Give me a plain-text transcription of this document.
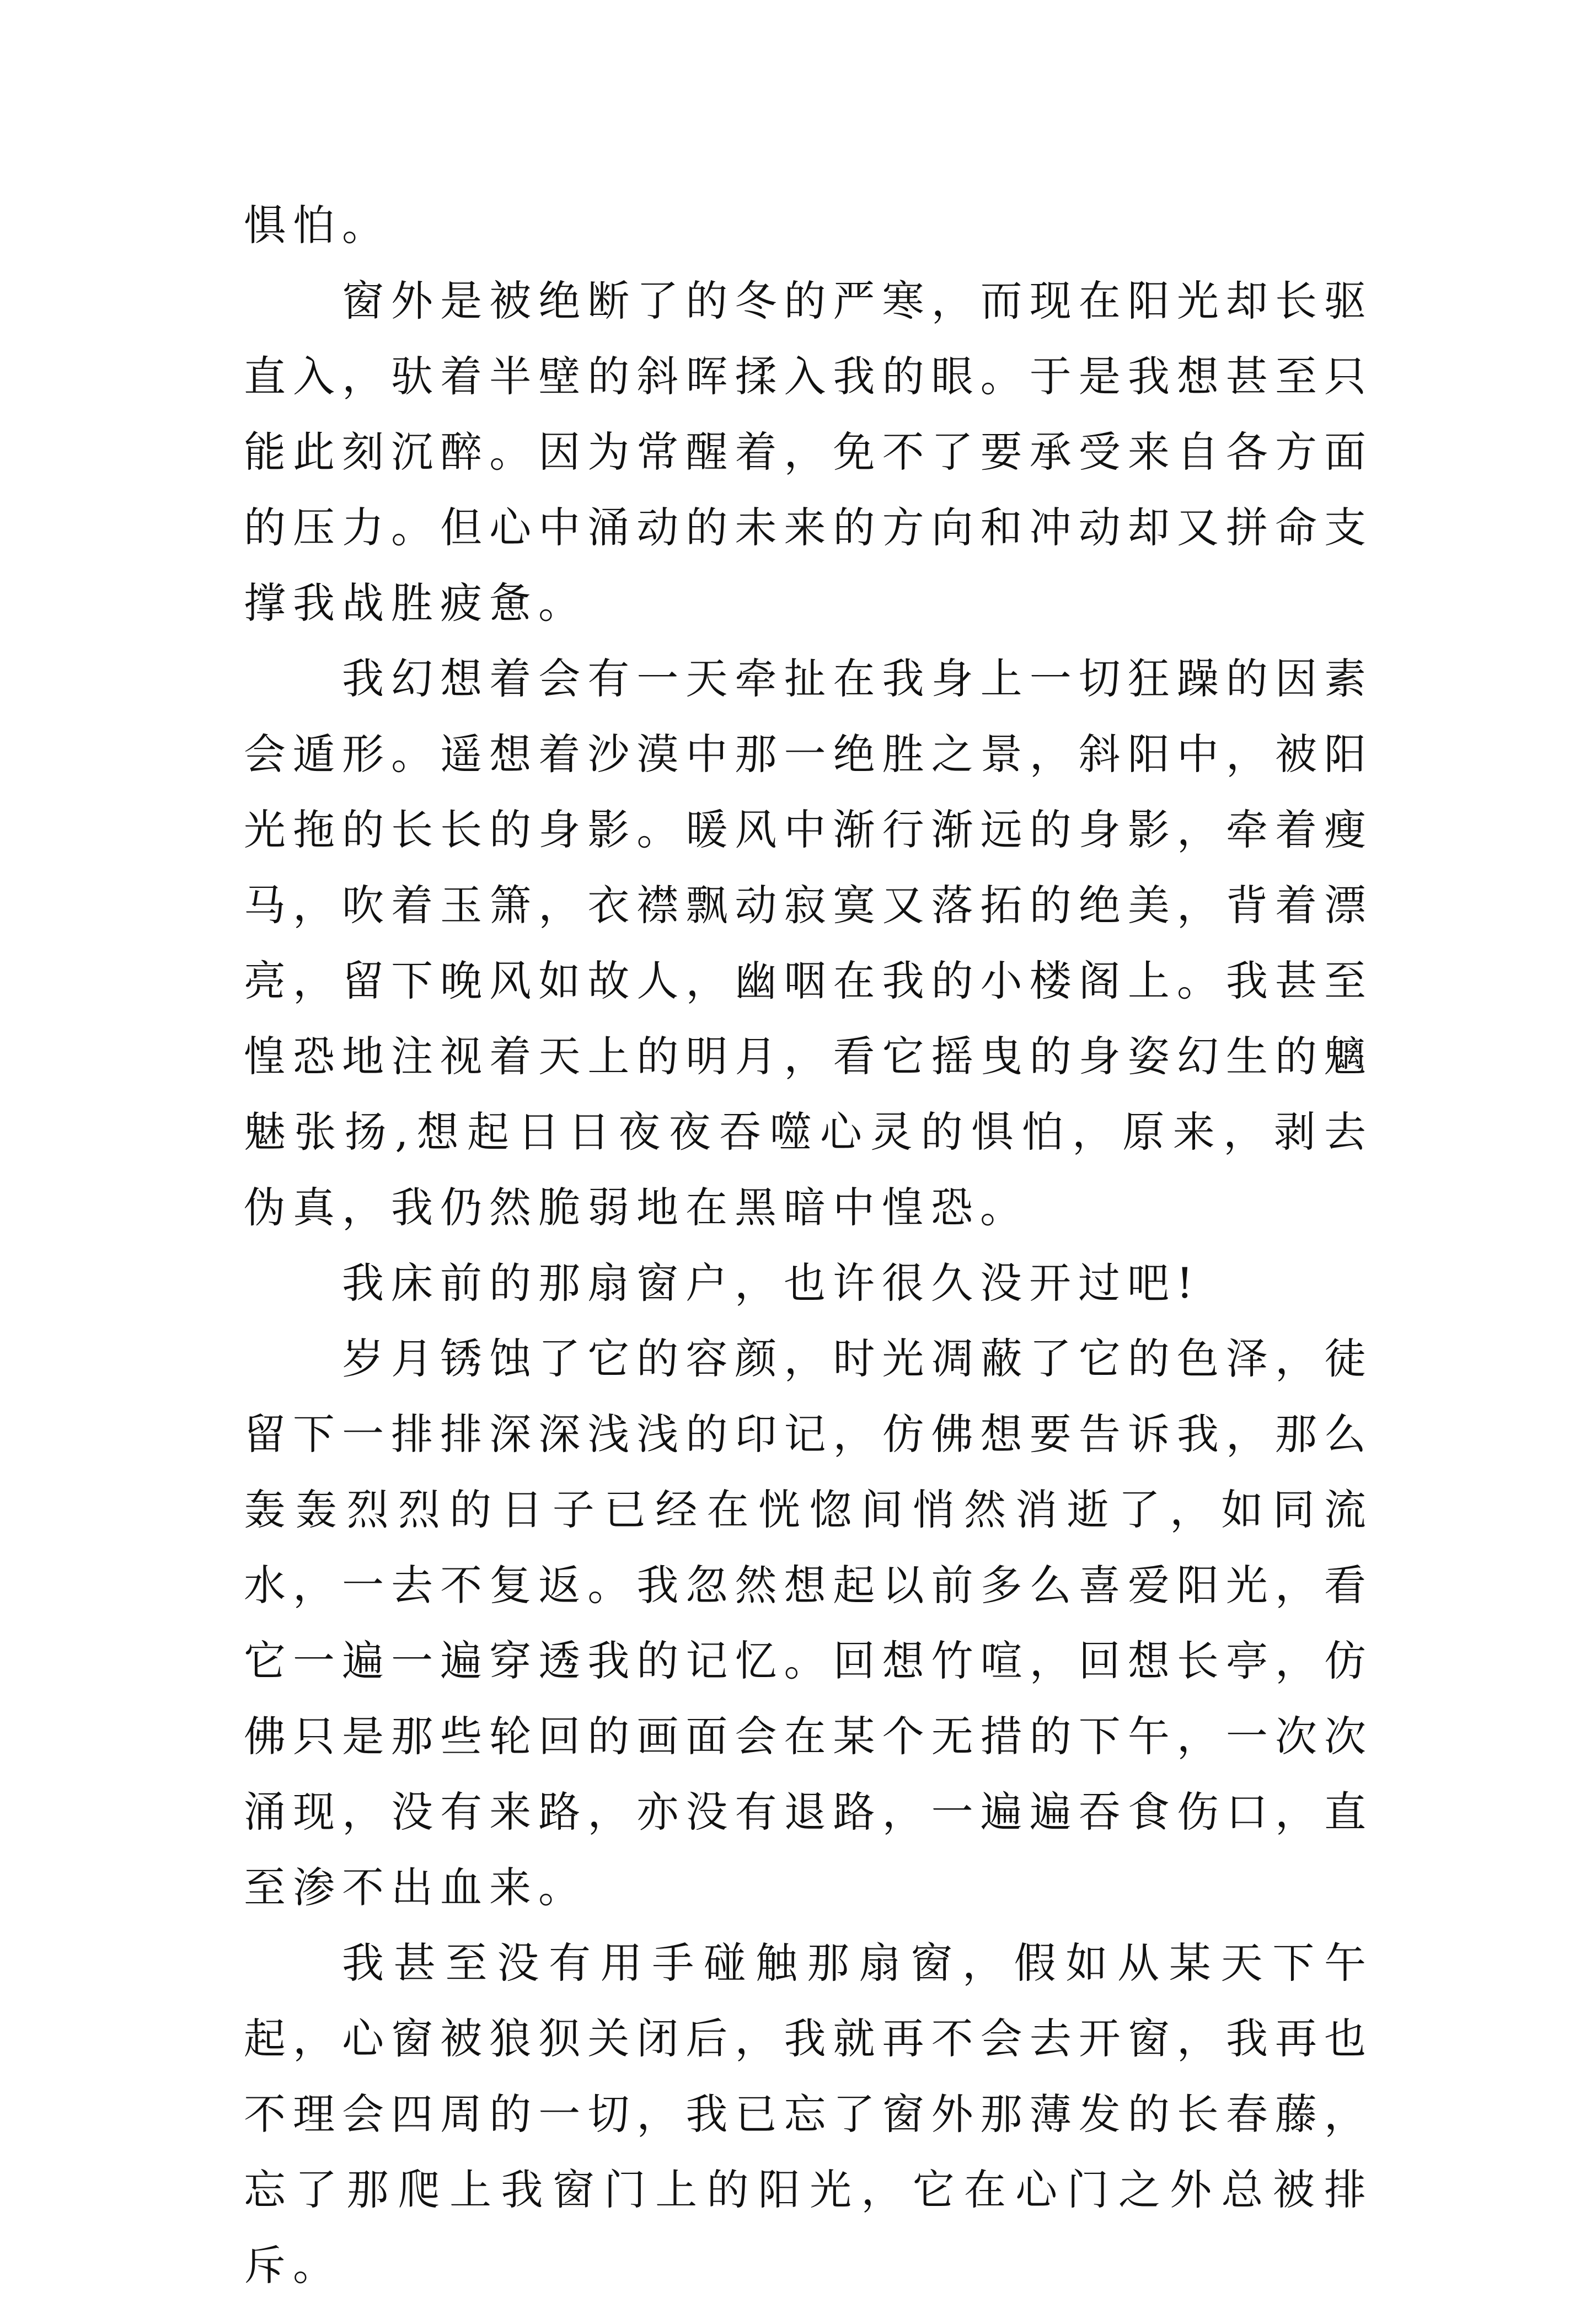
惧怕。

窗外是被绝断了的冬的严寒，而现在阳光却长驱直入，驮着半壁的斜晖揉入我的眼。于是我想甚至只能此刻沉醉。因为常醒着，免不了要承受来自各方面的压力。但心中涌动的未来的方向和冲动却又拼命支撑我战胜疲惫。

我幻想着会有一天牵扯在我身上一切狂躁的因素会遁形。遥想着沙漠中那一绝胜之景，斜阳中，被阳光拖的长长的身影。暖风中渐行渐远的身影，牵着瘦马，吹着玉箫，衣襟飘动寂寞又落拓的绝美，背着漂亮，留下晚风如故人，幽咽在我的小楼阁上。我甚至惶恐地注视着天上的明月，看它摇曳的身姿幻生的魑魅张扬,想起日日夜夜吞噬心灵的惧怕，原来，剥去伪真，我仍然脆弱地在黑暗中惶恐。

我床前的那扇窗户，也许很久没开过吧!

岁月锈蚀了它的容颜，时光凋蔽了它的色泽，徒留下一排排深深浅浅的印记，仿佛想要告诉我，那么轰轰烈烈的日子已经在恍惚间悄然消逝了，如同流水，一去不复返。我忽然想起以前多么喜爱阳光，看它一遍一遍穿透我的记忆。回想竹喧，回想长亭，仿佛只是那些轮回的画面会在某个无措的下午，一次次涌现，没有来路，亦没有退路，一遍遍吞食伤口，直至渗不出血来。

我甚至没有用手碰触那扇窗，假如从某天下午起，心窗被狼狈关闭后，我就再不会去开窗，我再也不理会四周的一切，我已忘了窗外那薄发的长春藤，忘了那爬上我窗门上的阳光，它在心门之外总被排斥。
